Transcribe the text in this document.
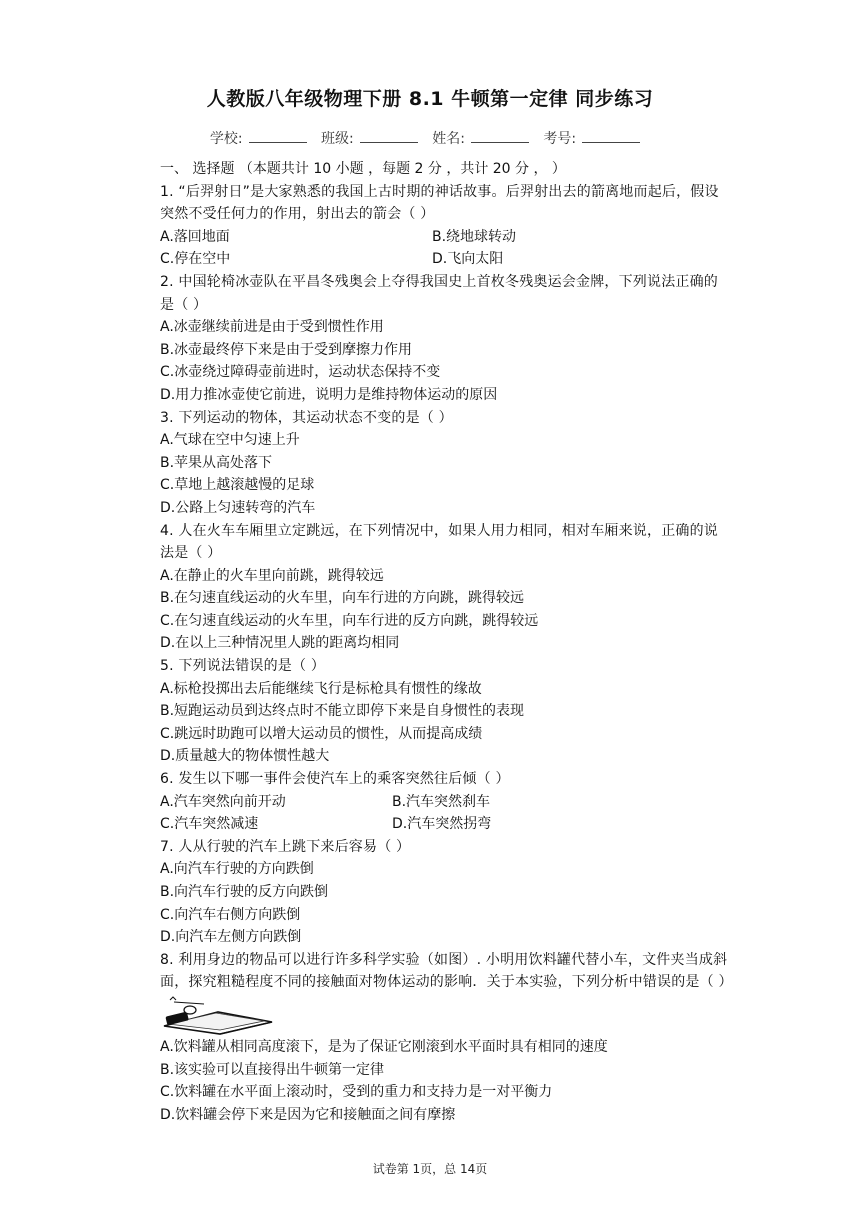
人教版八年级物理下册 8.1 牛顿第一定律 同步练习
学校:	班级:	姓名:	考号:
一、 选择题 （本题共计 10 小题 ，每题 2 分 ，共计 20 分 ， ）
1. “后羿射日”是大家熟悉的我国上古时期的神话故事。后羿射出去的箭离地而起后，假设突然不受任何力的作用，射出去的箭会（ ）
A.落回地面	B.绕地球转动
C.停在空中	D.飞向太阳
2. 中国轮椅冰壶队在平昌冬残奥会上夺得我国史上首枚冬残奥运会金牌，下列说法正确的是（ ）
A.冰壶继续前进是由于受到惯性作用
B.冰壶最终停下来是由于受到摩擦力作用
C.冰壶绕过障碍壶前进时，运动状态保持不变
D.用力推冰壶使它前进，说明力是维持物体运动的原因
3. 下列运动的物体，其运动状态不变的是（ ）
A.气球在空中匀速上升
B.苹果从高处落下
C.草地上越滚越慢的足球
D.公路上匀速转弯的汽车
4. 人在火车车厢里立定跳远，在下列情况中，如果人用力相同，相对车厢来说，正确的说法是（ ）
A.在静止的火车里向前跳，跳得较远
B.在匀速直线运动的火车里，向车行进的方向跳，跳得较远
C.在匀速直线运动的火车里，向车行进的反方向跳，跳得较远
D.在以上三种情况里人跳的距离均相同
5. 下列说法错误的是（ ）
A.标枪投掷出去后能继续飞行是标枪具有惯性的缘故
B.短跑运动员到达终点时不能立即停下来是自身惯性的表现
C.跳远时助跑可以增大运动员的惯性，从而提高成绩
D.质量越大的物体惯性越大
6. 发生以下哪一事件会使汽车上的乘客突然往后倾（ ）
A.汽车突然向前开动	B.汽车突然刹车
C.汽车突然减速	D.汽车突然拐弯
7. 人从行驶的汽车上跳下来后容易（ ）
A.向汽车行驶的方向跌倒
B.向汽车行驶的反方向跌倒
C.向汽车右侧方向跌倒
D.向汽车左侧方向跌倒
8. 利用身边的物品可以进行许多科学实验（如图）. 小明用饮料罐代替小车，文件夹当成斜面，探究粗糙程度不同的接触面对物体运动的影响．关于本实验，下列分析中错误的是（ ）
A.饮料罐从相同高度滚下，是为了保证它刚滚到水平面时具有相同的速度
B.该实验可以直接得出牛顿第一定律
C.饮料罐在水平面上滚动时，受到的重力和支持力是一对平衡力
D.饮料罐会停下来是因为它和接触面之间有摩擦
试卷第 1页，总 14页
